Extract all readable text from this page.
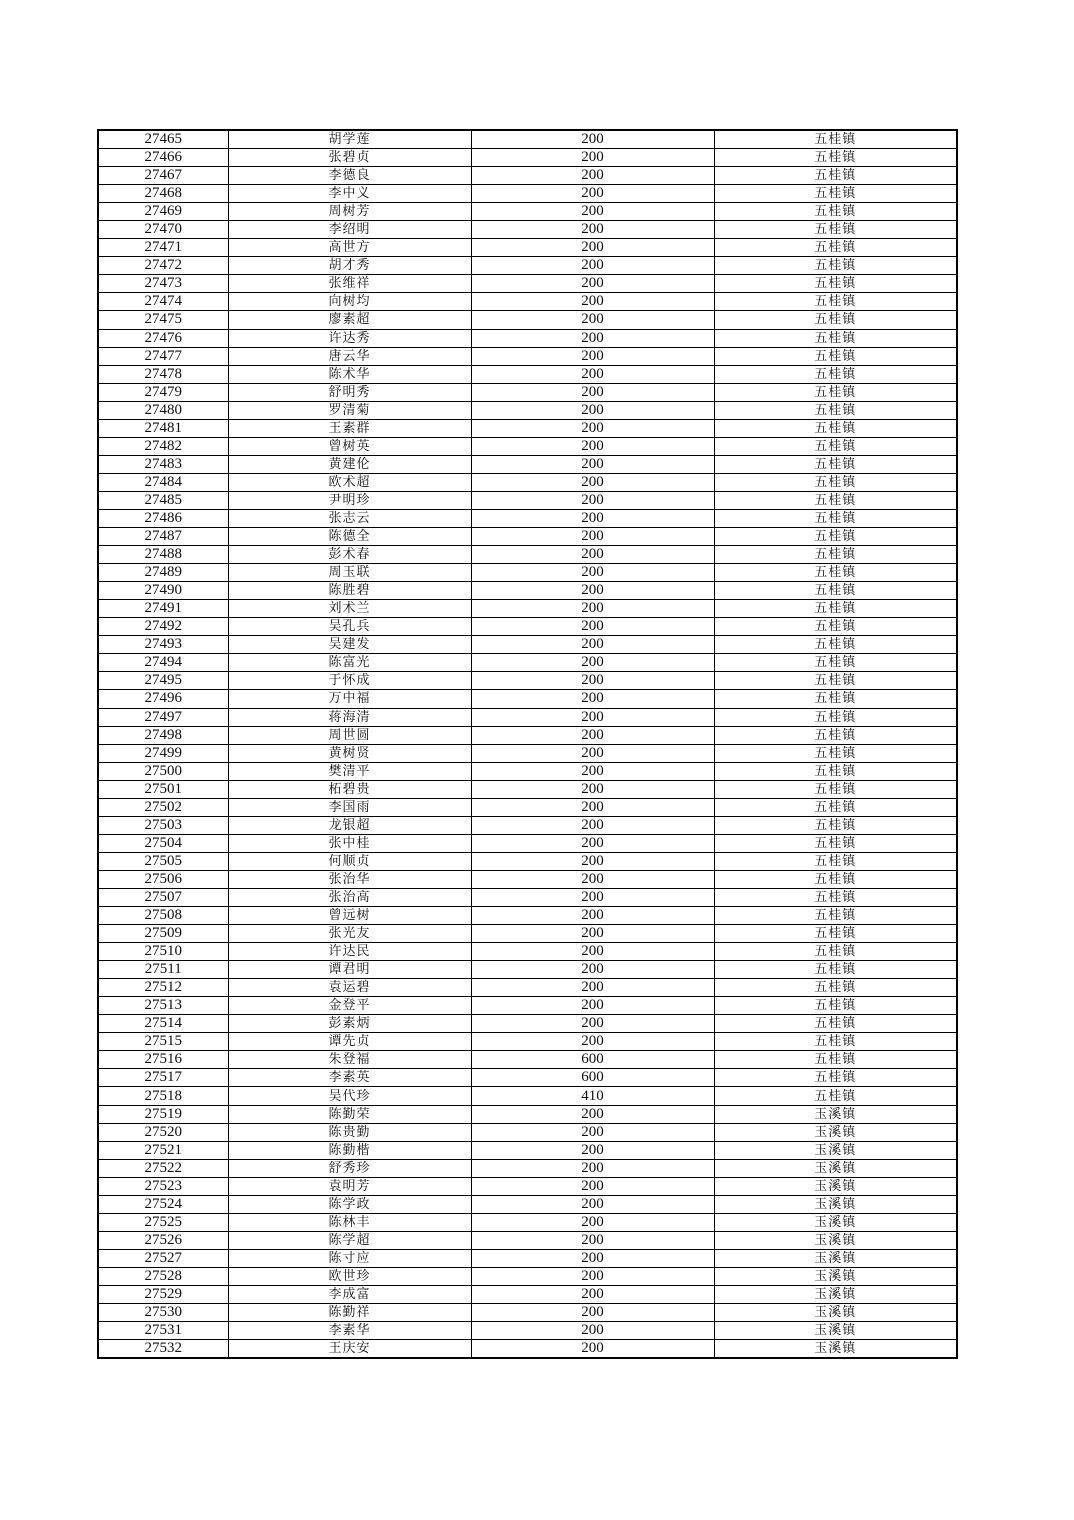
27465	胡学莲	200	五桂镇
27466	张碧贞	200	五桂镇
27467	李德良	200	五桂镇
27468	李中义	200	五桂镇
27469	周树芳	200	五桂镇
27470	李绍明	200	五桂镇
27471	高世方	200	五桂镇
27472	胡才秀	200	五桂镇
27473	张维祥	200	五桂镇
27474	向树均	200	五桂镇
27475	廖素超	200	五桂镇
27476	许达秀	200	五桂镇
27477	唐云华	200	五桂镇
27478	陈术华	200	五桂镇
27479	舒明秀	200	五桂镇
27480	罗清菊	200	五桂镇
27481	王素群	200	五桂镇
27482	曾树英	200	五桂镇
27483	黄建伦	200	五桂镇
27484	欧术超	200	五桂镇
27485	尹明珍	200	五桂镇
27486	张志云	200	五桂镇
27487	陈德全	200	五桂镇
27488	彭术春	200	五桂镇
27489	周玉联	200	五桂镇
27490	陈胜碧	200	五桂镇
27491	刘术兰	200	五桂镇
27492	吴孔兵	200	五桂镇
27493	吴建发	200	五桂镇
27494	陈富光	200	五桂镇
27495	于怀成	200	五桂镇
27496	万中福	200	五桂镇
27497	蒋海清	200	五桂镇
27498	周世圆	200	五桂镇
27499	黄树贤	200	五桂镇
27500	樊清平	200	五桂镇
27501	柘碧贵	200	五桂镇
27502	李国雨	200	五桂镇
27503	龙银超	200	五桂镇
27504	张中桂	200	五桂镇
27505	何顺贞	200	五桂镇
27506	张治华	200	五桂镇
27507	张治高	200	五桂镇
27508	曾远树	200	五桂镇
27509	张光友	200	五桂镇
27510	许达民	200	五桂镇
27511	谭君明	200	五桂镇
27512	袁运碧	200	五桂镇
27513	金登平	200	五桂镇
27514	彭素炳	200	五桂镇
27515	谭先贞	200	五桂镇
27516	朱登福	600	五桂镇
27517	李素英	600	五桂镇
27518	吴代珍	410	五桂镇
27519	陈勤荣	200	玉溪镇
27520	陈贵勤	200	玉溪镇
27521	陈勤楷	200	玉溪镇
27522	舒秀珍	200	玉溪镇
27523	袁明芳	200	玉溪镇
27524	陈学政	200	玉溪镇
27525	陈林丰	200	玉溪镇
27526	陈学超	200	玉溪镇
27527	陈寸应	200	玉溪镇
27528	欧世珍	200	玉溪镇
27529	李成富	200	玉溪镇
27530	陈勤祥	200	玉溪镇
27531	李素华	200	玉溪镇
27532	王庆安	200	玉溪镇
